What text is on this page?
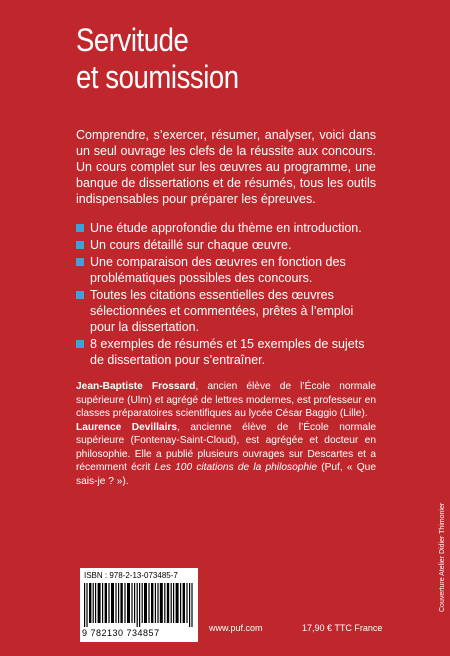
Servitude
et soumission
Comprendre, s’exercer, résumer, analyser, voici dans un seul ouvrage les clefs de la réussite aux concours. Un cours complet sur les œuvres au programme, une banque de dissertations et de résumés, tous les outils indispensables pour préparer les épreuves.
Une étude approfondie du thème en introduction.
Un cours détaillé sur chaque œuvre.
Une comparaison des œuvres en fonction des problématiques possibles des concours.
Toutes les citations essentielles des œuvres sélectionnées et commentées, prêtes à l’emploi pour la dissertation.
8 exemples de résumés et 15 exemples de sujets de dissertation pour s’entraîner.

Jean-Baptiste Frossard, ancien élève de l’École normale supérieure (Ulm) et agrégé de lettres modernes, est professeur en classes préparatoires scientifiques au lycée César Baggio (Lille).

Laurence Devillairs, ancienne élève de l’École normale supérieure (Fontenay-Saint-Cloud), est agrégée et docteur en philosophie. Elle a publié plusieurs ouvrages sur Descartes et a récemment écrit Les 100 citations de la philosophie (Puf, « Que sais-je ? »).

ISBN : 978-2-13-073485-7
9 782130 734857	www.puf.com	17,90 € TTC France
Couverture Atelier Didier Thimonier
